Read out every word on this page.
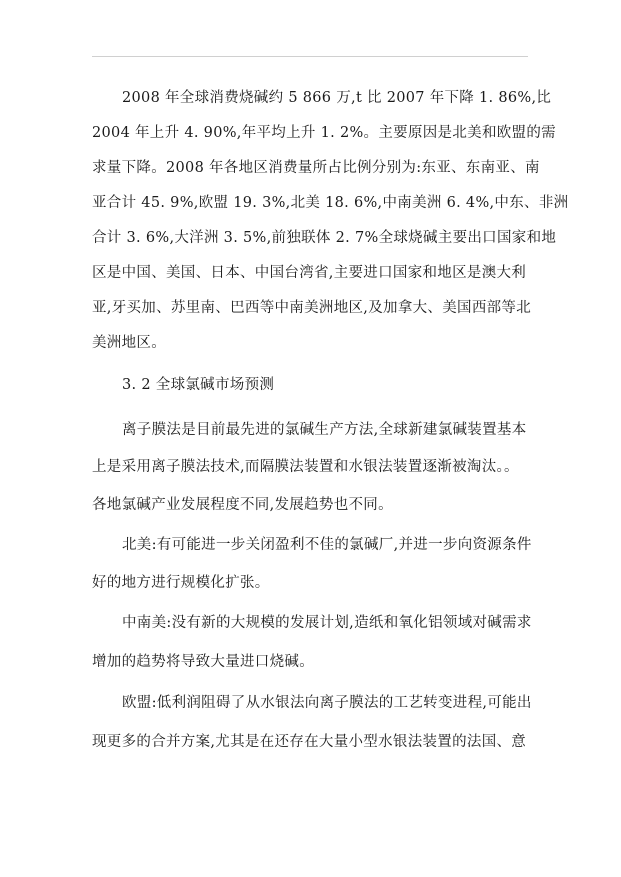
2008 年全球消费烧碱约 5 866 万,t 比 2007 年下降 1. 86%,比
2004 年上升 4. 90%,年平均上升 1. 2%。主要原因是北美和欧盟的需
求量下降。2008 年各地区消费量所占比例分别为:东亚、东南亚、南
亚合计 45. 9%,欧盟 19. 3%,北美 18. 6%,中南美洲 6. 4%,中东、非洲
合计 3. 6%,大洋洲 3. 5%,前独联体 2. 7%全球烧碱主要出口国家和地
区是中国、美国、日本、中国台湾省,主要进口国家和地区是澳大利
亚,牙买加、苏里南、巴西等中南美洲地区,及加拿大、美国西部等北
美洲地区。
3. 2 全球氯碱市场预测
离子膜法是目前最先进的氯碱生产方法,全球新建氯碱装置基本
上是采用离子膜法技术,而隔膜法装置和水银法装置逐渐被淘汰。。
各地氯碱产业发展程度不同,发展趋势也不同。
北美:有可能进一步关闭盈利不佳的氯碱厂,并进一步向资源条件
好的地方进行规模化扩张。
中南美:没有新的大规模的发展计划,造纸和氧化铝领域对碱需求
增加的趋势将导致大量进口烧碱。
欧盟:低利润阻碍了从水银法向离子膜法的工艺转变进程,可能出
现更多的合并方案,尤其是在还存在大量小型水银法装置的法国、意
